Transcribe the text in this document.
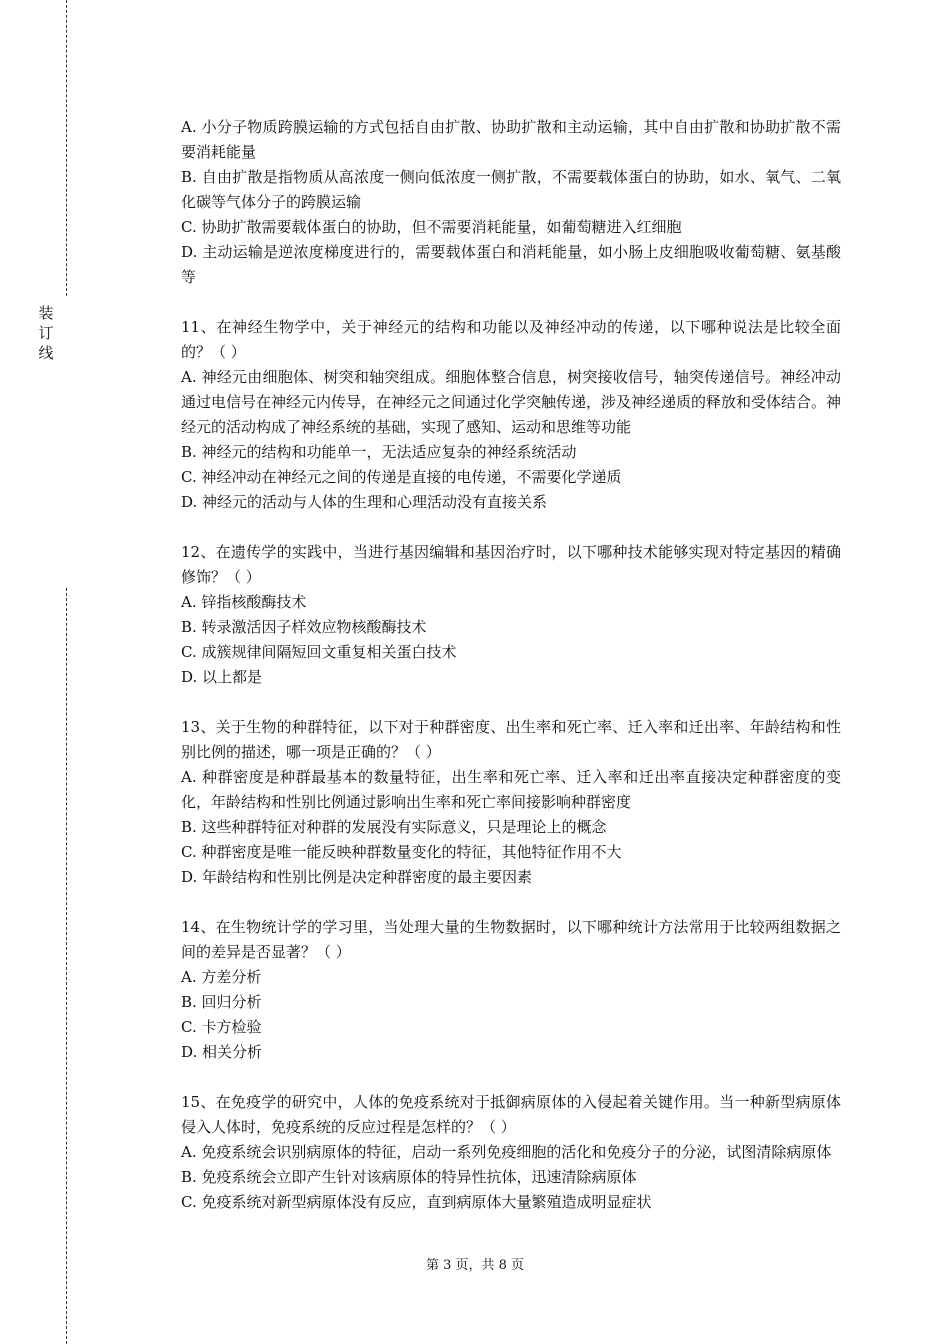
装
订
线

A. 小分子物质跨膜运输的方式包括自由扩散、协助扩散和主动运输，其中自由扩散和协助扩散不需要消耗能量

B. 自由扩散是指物质从高浓度一侧向低浓度一侧扩散，不需要载体蛋白的协助，如水、氧气、二氧化碳等气体分子的跨膜运输

C. 协助扩散需要载体蛋白的协助，但不需要消耗能量，如葡萄糖进入红细胞

D. 主动运输是逆浓度梯度进行的，需要载体蛋白和消耗能量，如小肠上皮细胞吸收葡萄糖、氨基酸等

11、在神经生物学中，关于神经元的结构和功能以及神经冲动的传递，以下哪种说法是比较全面的？（ ）

A. 神经元由细胞体、树突和轴突组成。细胞体整合信息，树突接收信号，轴突传递信号。神经冲动通过电信号在神经元内传导，在神经元之间通过化学突触传递，涉及神经递质的释放和受体结合。神经元的活动构成了神经系统的基础，实现了感知、运动和思维等功能

B. 神经元的结构和功能单一，无法适应复杂的神经系统活动

C. 神经冲动在神经元之间的传递是直接的电传递，不需要化学递质

D. 神经元的活动与人体的生理和心理活动没有直接关系

12、在遗传学的实践中，当进行基因编辑和基因治疗时，以下哪种技术能够实现对特定基因的精确修饰？（ ）

A. 锌指核酸酶技术

B. 转录激活因子样效应物核酸酶技术

C. 成簇规律间隔短回文重复相关蛋白技术

D. 以上都是

13、关于生物的种群特征，以下对于种群密度、出生率和死亡率、迁入率和迁出率、年龄结构和性别比例的描述，哪一项是正确的？（ ）

A. 种群密度是种群最基本的数量特征，出生率和死亡率、迁入率和迁出率直接决定种群密度的变化，年龄结构和性别比例通过影响出生率和死亡率间接影响种群密度

B. 这些种群特征对种群的发展没有实际意义，只是理论上的概念

C. 种群密度是唯一能反映种群数量变化的特征，其他特征作用不大

D. 年龄结构和性别比例是决定种群密度的最主要因素

14、在生物统计学的学习里，当处理大量的生物数据时，以下哪种统计方法常用于比较两组数据之间的差异是否显著？（ ）

A. 方差分析

B. 回归分析

C. 卡方检验

D. 相关分析

15、在免疫学的研究中，人体的免疫系统对于抵御病原体的入侵起着关键作用。当一种新型病原体侵入人体时，免疫系统的反应过程是怎样的？（ ）

A. 免疫系统会识别病原体的特征，启动一系列免疫细胞的活化和免疫分子的分泌，试图清除病原体

B. 免疫系统会立即产生针对该病原体的特异性抗体，迅速清除病原体

C. 免疫系统对新型病原体没有反应，直到病原体大量繁殖造成明显症状

第 3 页，共 8 页
